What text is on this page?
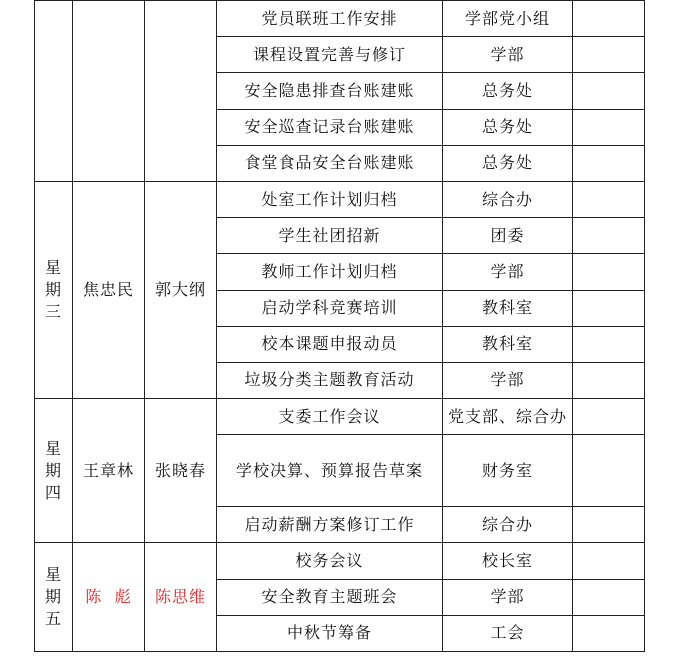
			党员联班工作安排	学部党小组	
			课程设置完善与修订	学部	
			安全隐患排查台账建账	总务处	
			安全巡查记录台账建账	总务处	
			食堂食品安全台账建账	总务处	

星
期
三	焦忠民	郭大纲	处室工作计划归档	综合办	
			学生社团招新	团委	
			教师工作计划归档	学部	
			启动学科竞赛培训	教科室	
			校本课题申报动员	教科室	
			垃圾分类主题教育活动	学部	

星
期
四	王章林	张晓春	支委工作会议	党支部、综合办	
			学校决算、预算报告草案	财务室	
			启动薪酬方案修订工作	综合办	

星
期
五	陈  彪	陈思维	校务会议	校长室	
			安全教育主题班会	学部	
			中秋节筹备	工会	
